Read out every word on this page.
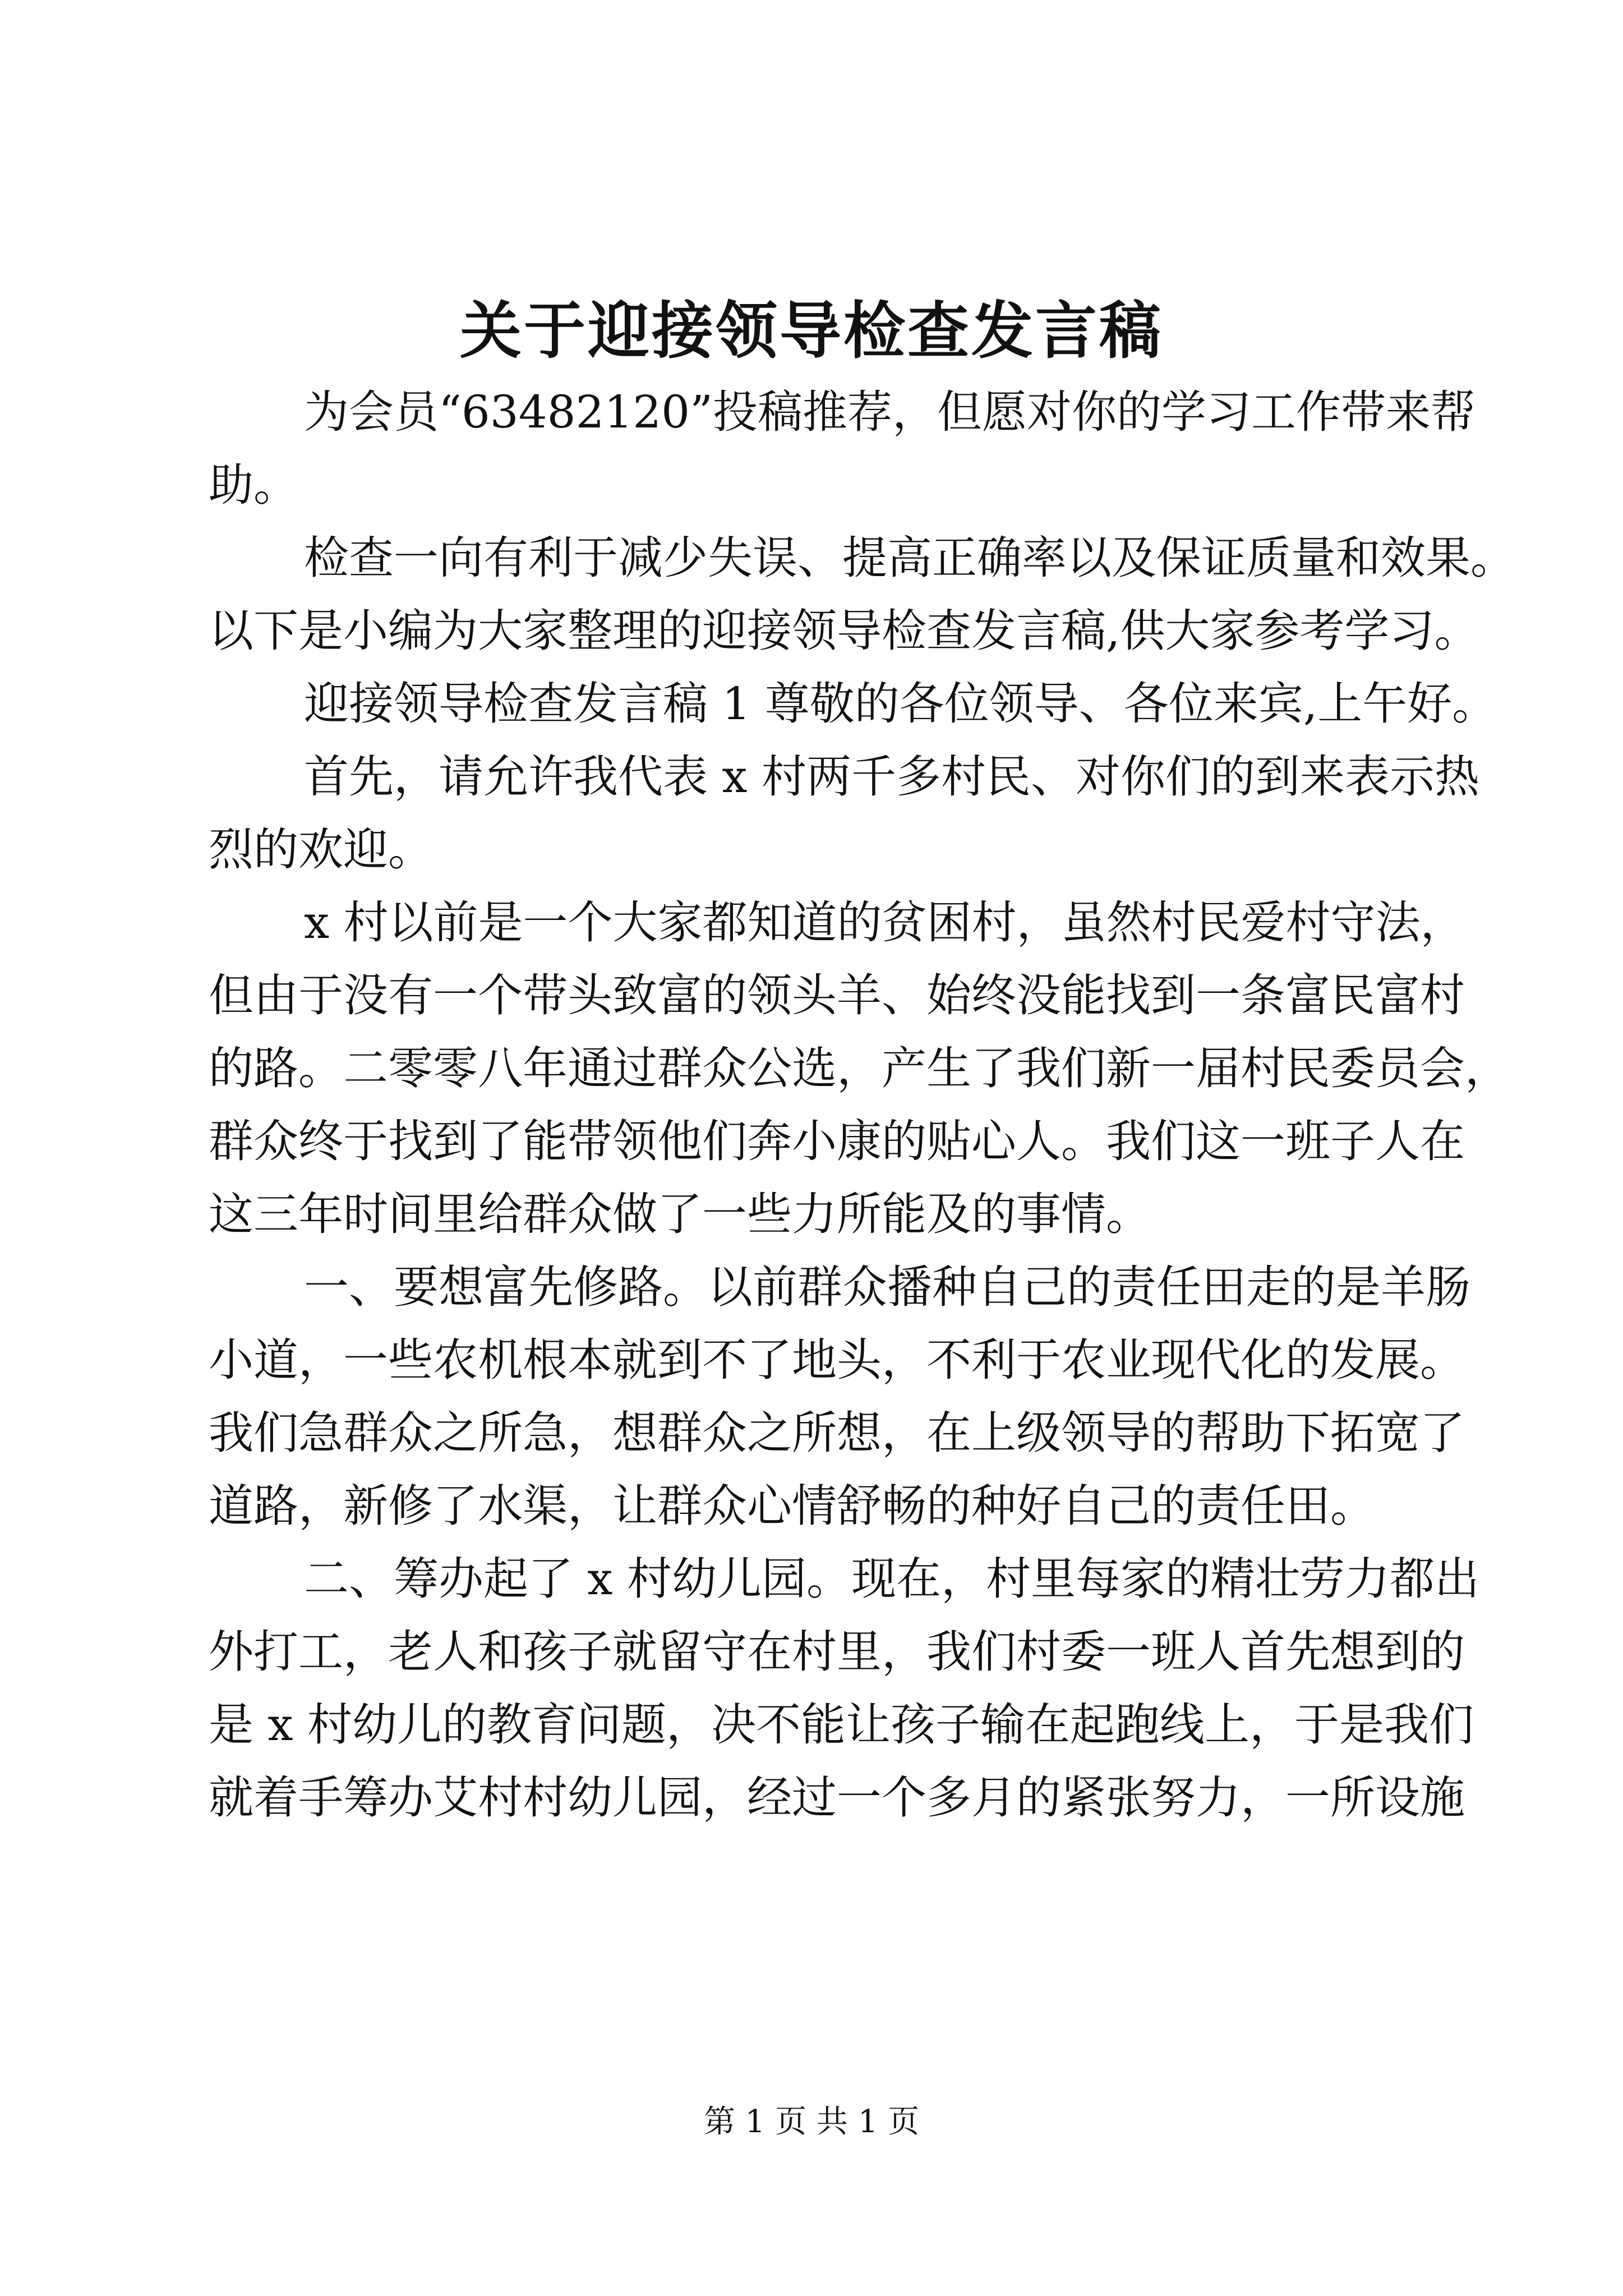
关于迎接领导检查发言稿
为会员“63482120”投稿推荐，但愿对你的学习工作带来帮
助。
检查一向有利于减少失误、提高正确率以及保证质量和效果。
以下是小编为大家整理的迎接领导检查发言稿,供大家参考学习。
迎接领导检查发言稿 1 尊敬的各位领导、各位来宾,上午好。
首先，请允许我代表 x 村两千多村民、对你们的到来表示热
烈的欢迎。
x 村以前是一个大家都知道的贫困村，虽然村民爱村守法，
但由于没有一个带头致富的领头羊、始终没能找到一条富民富村
的路。二零零八年通过群众公选，产生了我们新一届村民委员会，
群众终于找到了能带领他们奔小康的贴心人。我们这一班子人在
这三年时间里给群众做了一些力所能及的事情。
一、要想富先修路。以前群众播种自己的责任田走的是羊肠
小道，一些农机根本就到不了地头，不利于农业现代化的发展。
我们急群众之所急，想群众之所想，在上级领导的帮助下拓宽了
道路，新修了水渠，让群众心情舒畅的种好自己的责任田。
二、筹办起了 x 村幼儿园。现在，村里每家的精壮劳力都出
外打工，老人和孩子就留守在村里，我们村委一班人首先想到的
是 x 村幼儿的教育问题，决不能让孩子输在起跑线上，于是我们
就着手筹办艾村村幼儿园，经过一个多月的紧张努力，一所设施
第 1 页 共 1 页
